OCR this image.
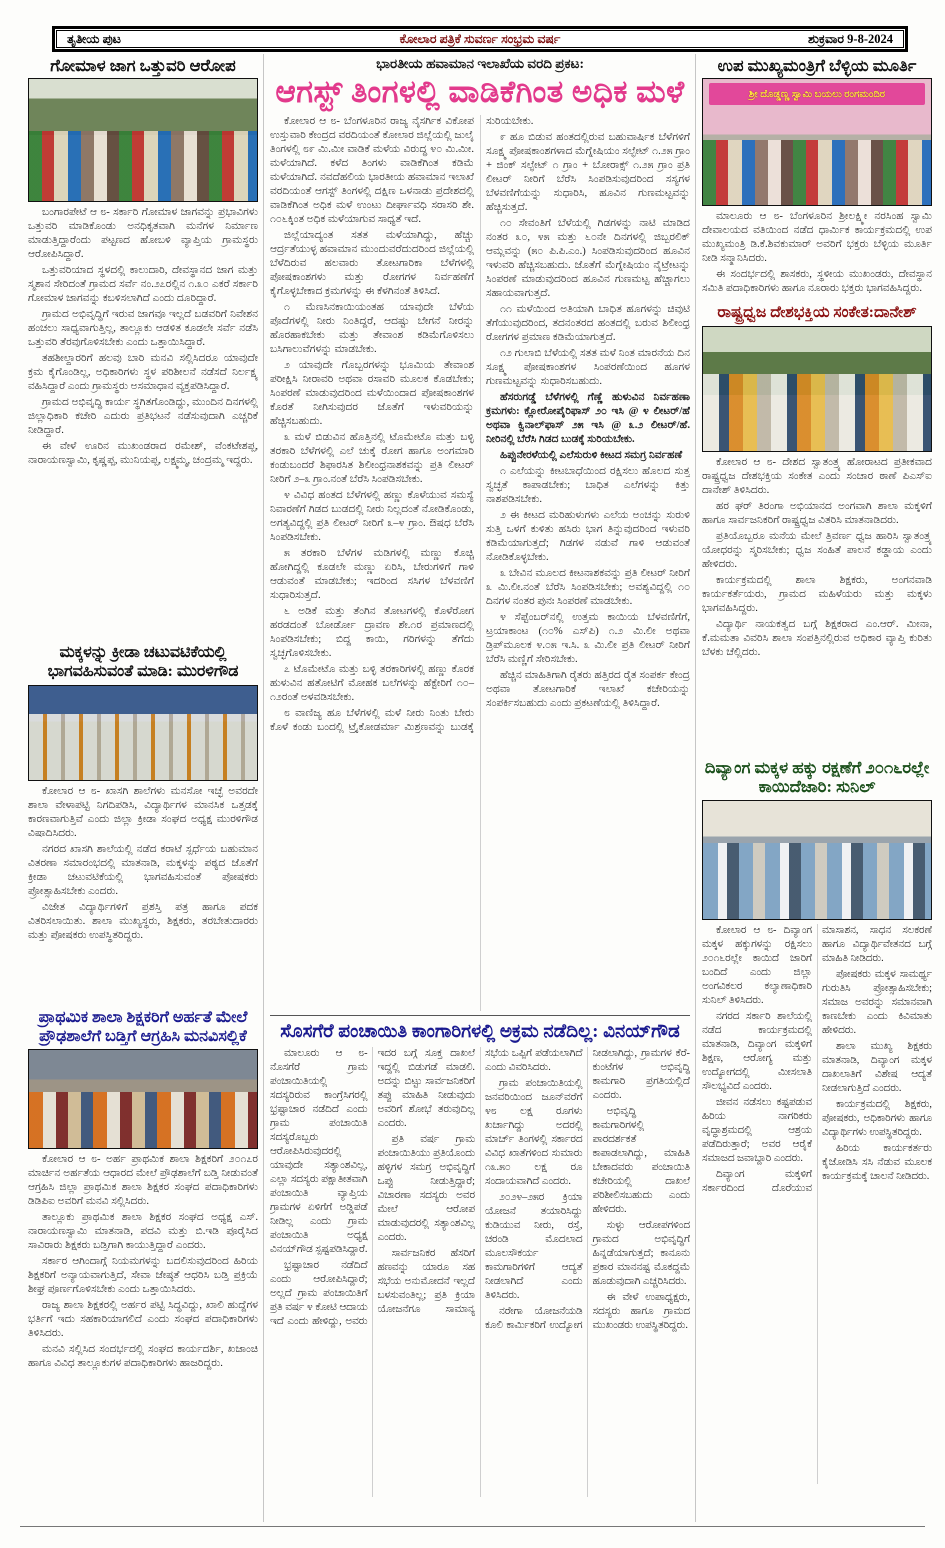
ತೃತೀಯ ಪುಟ	ಕೋಲಾರ ಪತ್ರಿಕೆ ಸುವರ್ಣ ಸಂಭ್ರಮ ವರ್ಷ	ಶುಕ್ರವಾರ 9-8-2024
ಗೋಮಾಳ ಜಾಗ ಒತ್ತುವರಿ ಆರೋಪ

ಬಂಗಾರಪೇಟೆ ಆ ೮- ಸರ್ಕಾರಿ ಗೋಮಾಳ ಜಾಗವನ್ನು ಪ್ರಭಾವಿಗಳು ಒತ್ತುವರಿ ಮಾಡಿಕೊಂಡು ಅನಧಿಕೃತವಾಗಿ ಮನೆಗಳ ನಿರ್ಮಾಣ ಮಾಡುತ್ತಿದ್ದಾರೆಂದು ಪಟ್ಟಣದ ಹೋಬಳಿ ವ್ಯಾಪ್ತಿಯ ಗ್ರಾಮಸ್ಥರು ಆರೋಪಿಸಿದ್ದಾರೆ.

ಒತ್ತುವರಿಯಾದ ಸ್ಥಳದಲ್ಲಿ ಕಾಲುದಾರಿ, ದೇವಸ್ಥಾನದ ಜಾಗ ಮತ್ತು ಸ್ಮಶಾನ ಸೇರಿದಂತೆ ಗ್ರಾಮದ ಸರ್ವೆ ನಂ.೨೭ರಲ್ಲಿನ ೧.೩೦ ಎಕರೆ ಸರ್ಕಾರಿ ಗೋಮಾಳ ಜಾಗವನ್ನು ಕಬಳಿಸಲಾಗಿದೆ ಎಂದು ದೂರಿದ್ದಾರೆ.

ಗ್ರಾಮದ ಅಭಿವೃದ್ಧಿಗೆ ಇರುವ ಜಾಗವೂ ಇಲ್ಲದೆ ಬಡವರಿಗೆ ನಿವೇಶನ ಹಂಚಲು ಸಾಧ್ಯವಾಗುತ್ತಿಲ್ಲ, ತಾಲ್ಲೂಕು ಆಡಳಿತ ಕೂಡಲೇ ಸರ್ವೆ ನಡೆಸಿ ಒತ್ತುವರಿ ತೆರವುಗೊಳಿಸಬೇಕು ಎಂದು ಒತ್ತಾಯಿಸಿದ್ದಾರೆ.

ತಹಶೀಲ್ದಾರರಿಗೆ ಹಲವು ಬಾರಿ ಮನವಿ ಸಲ್ಲಿಸಿದರೂ ಯಾವುದೇ ಕ್ರಮ ಕೈಗೊಂಡಿಲ್ಲ, ಅಧಿಕಾರಿಗಳು ಸ್ಥಳ ಪರಿಶೀಲನೆ ನಡೆಸದೆ ನಿರ್ಲಕ್ಷ್ಯ ವಹಿಸಿದ್ದಾರೆ ಎಂದು ಗ್ರಾಮಸ್ಥರು ಅಸಮಾಧಾನ ವ್ಯಕ್ತಪಡಿಸಿದ್ದಾರೆ.

ಗ್ರಾಮದ ಅಭಿವೃದ್ಧಿ ಕಾರ್ಯ ಸ್ಥಗಿತಗೊಂಡಿದ್ದು, ಮುಂದಿನ ದಿನಗಳಲ್ಲಿ ಜಿಲ್ಲಾಧಿಕಾರಿ ಕಚೇರಿ ಎದುರು ಪ್ರತಿಭಟನೆ ನಡೆಸುವುದಾಗಿ ಎಚ್ಚರಿಕೆ ನೀಡಿದ್ದಾರೆ.

ಈ ವೇಳೆ ಊರಿನ ಮುಖಂಡರಾದ ರಮೇಶ್, ವೆಂಕಟೇಶಪ್ಪ, ನಾರಾಯಣಸ್ವಾಮಿ, ಕೃಷ್ಣಪ್ಪ, ಮುನಿಯಪ್ಪ, ಲಕ್ಷ್ಮಮ್ಮ, ಚಂದ್ರಮ್ಮ ಇದ್ದರು.

ಮಕ್ಕಳನ್ನು ಕ್ರೀಡಾ ಚಟುವಟಿಕೆಯಲ್ಲಿ ಭಾಗವಹಿಸುವಂತೆ ಮಾಡಿ: ಮುರಳಿಗೌಡ

ಕೋಲಾರ ಆ ೮- ಖಾಸಗಿ ಶಾಲೆಗಳು ಮನಸೋ ಇಚ್ಛೆ ಅವರದೇ ಶಾಲಾ ವೇಳಾಪಟ್ಟಿ ನಿಗದಿಪಡಿಸಿ, ವಿದ್ಯಾರ್ಥಿಗಳ ಮಾನಸಿಕ ಒತ್ತಡಕ್ಕೆ ಕಾರಣವಾಗುತ್ತಿವೆ ಎಂದು ಜಿಲ್ಲಾ ಕ್ರೀಡಾ ಸಂಘದ ಅಧ್ಯಕ್ಷ ಮುರಳಿಗೌಡ ವಿಷಾದಿಸಿದರು.

ನಗರದ ಖಾಸಗಿ ಶಾಲೆಯಲ್ಲಿ ನಡೆದ ಕರಾಟೆ ಸ್ಪರ್ಧೆಯ ಬಹುಮಾನ ವಿತರಣಾ ಸಮಾರಂಭದಲ್ಲಿ ಮಾತನಾಡಿ, ಮಕ್ಕಳನ್ನು ಪಠ್ಯದ ಜೊತೆಗೆ ಕ್ರೀಡಾ ಚಟುವಟಿಕೆಯಲ್ಲಿ ಭಾಗವಹಿಸುವಂತೆ ಪೋಷಕರು ಪ್ರೋತ್ಸಾಹಿಸಬೇಕು ಎಂದರು.

ವಿಜೇತ ವಿದ್ಯಾರ್ಥಿಗಳಿಗೆ ಪ್ರಶಸ್ತಿ ಪತ್ರ ಹಾಗೂ ಪದಕ ವಿತರಿಸಲಾಯಿತು. ಶಾಲಾ ಮುಖ್ಯಸ್ಥರು, ಶಿಕ್ಷಕರು, ತರಬೇತುದಾರರು ಮತ್ತು ಪೋಷಕರು ಉಪಸ್ಥಿತರಿದ್ದರು.

ಪ್ರಾಥಮಿಕ ಶಾಲಾ ಶಿಕ್ಷಕರಿಗೆ ಅರ್ಹತೆ ಮೇಲೆ ಪ್ರೌಢಶಾಲೆಗೆ ಬಡ್ತಿಗೆ ಆಗ್ರಹಿಸಿ ಮನವಿಸಲ್ಲಿಕೆ

ಕೋಲಾರ ಆ ೮- ಅರ್ಹ ಪ್ರಾಥಮಿಕ ಶಾಲಾ ಶಿಕ್ಷಕರಿಗೆ ೨೦೧೭ರ ಮಾರ್ಚಿನ ಅರ್ಹತೆಯ ಆಧಾರದ ಮೇಲೆ ಪ್ರೌಢಶಾಲೆಗೆ ಬಡ್ತಿ ನೀಡುವಂತೆ ಆಗ್ರಹಿಸಿ ಜಿಲ್ಲಾ ಪ್ರಾಥಮಿಕ ಶಾಲಾ ಶಿಕ್ಷಕರ ಸಂಘದ ಪದಾಧಿಕಾರಿಗಳು ಡಿಡಿಪಿಐ ಅವರಿಗೆ ಮನವಿ ಸಲ್ಲಿಸಿದರು.

ತಾಲ್ಲೂಕು ಪ್ರಾಥಮಿಕ ಶಾಲಾ ಶಿಕ್ಷಕರ ಸಂಘದ ಅಧ್ಯಕ್ಷ ಎಸ್. ನಾರಾಯಣಸ್ವಾಮಿ ಮಾತನಾಡಿ, ಪದವಿ ಮತ್ತು ಬಿ.ಇಡಿ ಪೂರೈಸಿದ ಸಾವಿರಾರು ಶಿಕ್ಷಕರು ಬಡ್ತಿಗಾಗಿ ಕಾಯುತ್ತಿದ್ದಾರೆ ಎಂದರು.

ಸರ್ಕಾರ ಆಗಿಂದಾಗ್ಗೆ ನಿಯಮಗಳನ್ನು ಬದಲಿಸುವುದರಿಂದ ಹಿರಿಯ ಶಿಕ್ಷಕರಿಗೆ ಅನ್ಯಾಯವಾಗುತ್ತಿದೆ, ಸೇವಾ ಜೇಷ್ಠತೆ ಆಧರಿಸಿ ಬಡ್ತಿ ಪ್ರಕ್ರಿಯೆ ಶೀಘ್ರ ಪೂರ್ಣಗೊಳಿಸಬೇಕು ಎಂದು ಒತ್ತಾಯಿಸಿದರು.

ರಾಜ್ಯ ಶಾಲಾ ಶಿಕ್ಷಕರಲ್ಲಿ ಅರ್ಹರ ಪಟ್ಟಿ ಸಿದ್ಧವಿದ್ದು, ಖಾಲಿ ಹುದ್ದೆಗಳ ಭರ್ತಿಗೆ ಇದು ಸಹಕಾರಿಯಾಗಲಿದೆ ಎಂದು ಸಂಘದ ಪದಾಧಿಕಾರಿಗಳು ತಿಳಿಸಿದರು.

ಮನವಿ ಸಲ್ಲಿಸಿದ ಸಂದರ್ಭದಲ್ಲಿ ಸಂಘದ ಕಾರ್ಯದರ್ಶಿ, ಖಜಾಂಚಿ ಹಾಗೂ ವಿವಿಧ ತಾಲ್ಲೂಕುಗಳ ಪದಾಧಿಕಾರಿಗಳು ಹಾಜರಿದ್ದರು.

ಭಾರತೀಯ ಹವಾಮಾನ ಇಲಾಖೆಯ ವರದಿ ಪ್ರಕಟ:
ಆಗಸ್ಟ್ ತಿಂಗಳಲ್ಲಿ ವಾಡಿಕೆಗಿಂತ ಅಧಿಕ ಮಳೆ

ಕೋಲಾರ ಆ ೮- ಬೆಂಗಳೂರಿನ ರಾಜ್ಯ ನೈಸರ್ಗಿಕ ವಿಕೋಪ ಉಸ್ತುವಾರಿ ಕೇಂದ್ರದ ವರದಿಯಂತೆ ಕೋಲಾರ ಜಿಲ್ಲೆಯಲ್ಲಿ ಜುಲೈ ತಿಂಗಳಲ್ಲಿ ೮೯ ಮಿ.ಮೀ ವಾಡಿಕೆ ಮಳೆಯ ವಿರುದ್ಧ ೪೦ ಮಿ.ಮೀ. ಮಳೆಯಾಗಿದೆ. ಕಳೆದ ತಿಂಗಳು ವಾಡಿಕೆಗಿಂತ ಕಡಿಮೆ ಮಳೆಯಾಗಿದೆ. ನವದೆಹಲಿಯ ಭಾರತೀಯ ಹವಾಮಾನ ಇಲಾಖೆ ವರದಿಯಂತೆ ಆಗಸ್ಟ್ ತಿಂಗಳಲ್ಲಿ ದಕ್ಷಿಣ ಒಳನಾಡು ಪ್ರದೇಶದಲ್ಲಿ ವಾಡಿಕೆಗಿಂತ ಅಧಿಕ ಮಳೆ ಉಂಟು ದೀರ್ಘಾವಧಿ ಸರಾಸರಿ ಶೇ. ೧೦೬ಕ್ಕಿಂತ ಅಧಿಕ ಮಳೆಯಾಗುವ ಸಾಧ್ಯತೆ ಇದೆ.

ಜಿಲ್ಲೆಯಾದ್ಯಂತ ಸತತ ಮಳೆಯಾಗಿದ್ದು, ಹೆಚ್ಚು ಆರ್ದ್ರತೆಯುಳ್ಳ ಹವಾಮಾನ ಮುಂದುವರೆದುದರಿಂದ ಜಿಲ್ಲೆಯಲ್ಲಿ ಬೆಳೆದಿರುವ ಹಲವಾರು ತೋಟಗಾರಿಕಾ ಬೆಳೆಗಳಲ್ಲಿ ಪೋಷಕಾಂಶಗಳು ಮತ್ತು ರೋಗಗಳ ನಿರ್ವಹಣೆಗೆ ಕೈಗೊಳ್ಳಬೇಕಾದ ಕ್ರಮಗಳನ್ನು ಈ ಕೆಳಗಿನಂತೆ ತಿಳಿಸಿದೆ.

೧ ಮೆಣಸಿನಕಾಯಿಯಂತಹ ಯಾವುದೇ ಬೆಳೆಯ ಪೊದೆಗಳಲ್ಲಿ ನೀರು ನಿಂತಿದ್ದರೆ, ಆದಷ್ಟು ಬೇಗನೆ ನೀರನ್ನು ಹೊರಹಾಕಬೇಕು ಮತ್ತು ತೇವಾಂಶ ಕಡಿಮೆಗೊಳಿಸಲು ಬಸಿಗಾಲುವೆಗಳನ್ನು ಮಾಡಬೇಕು.

೨ ಯಾವುದೇ ಗೊಬ್ಬರಗಳನ್ನು ಭೂಮಿಯ ತೇವಾಂಶ ಪರೀಕ್ಷಿಸಿ ನೀರಾವರಿ ಅಥವಾ ರಸಾವರಿ ಮೂಲಕ ಕೊಡಬೇಕು; ಸಿಂಪರಣೆ ಮಾಡುವುದರಿಂದ ಮಳೆಯಿಂದಾದ ಪೋಷಕಾಂಶಗಳ ಕೊರತೆ ನೀಗಿಸುವುದರ ಜೊತೆಗೆ ಇಳುವರಿಯನ್ನು ಹೆಚ್ಚಿಸಬಹುದು.

೩ ಮಳೆ ಬಿಡುವಿನ ಹೊತ್ತಿನಲ್ಲಿ ಟೊಮೇಟೊ ಮತ್ತು ಬಳ್ಳಿ ತರಕಾರಿ ಬೆಳೆಗಳಲ್ಲಿ ಎಲೆ ಚುಕ್ಕೆ ರೋಗ ಹಾಗೂ ಅಂಗಮಾರಿ ಕಂಡುಬಂದರೆ ಶಿಫಾರಸಿತ ಶಿಲೀಂಧ್ರನಾಶಕವನ್ನು ಪ್ರತಿ ಲೀಟರ್ ನೀರಿಗೆ ೨–೩ ಗ್ರಾಂ.ನಂತೆ ಬೆರೆಸಿ ಸಿಂಪಡಿಸಬೇಕು.

೪ ವಿವಿಧ ಹಂತದ ಬೆಳೆಗಳಲ್ಲಿ ಹಣ್ಣು ಕೊಳೆಯುವ ಸಮಸ್ಯೆ ನಿವಾರಣೆಗೆ ಗಿಡದ ಬುಡದಲ್ಲಿ ನೀರು ನಿಲ್ಲದಂತೆ ನೋಡಿಕೊಂಡು, ಅಗತ್ಯವಿದ್ದಲ್ಲಿ ಪ್ರತಿ ಲೀಟರ್ ನೀರಿಗೆ ೩–೪ ಗ್ರಾಂ. ಔಷಧ ಬೆರೆಸಿ ಸಿಂಪಡಿಸಬೇಕು.

೫ ತರಕಾರಿ ಬೆಳೆಗಳ ಮಡಿಗಳಲ್ಲಿ ಮಣ್ಣು ಕೊಚ್ಚಿ ಹೋಗಿದ್ದಲ್ಲಿ ಕೂಡಲೇ ಮಣ್ಣು ಏರಿಸಿ, ಬೇರುಗಳಿಗೆ ಗಾಳಿ ಆಡುವಂತೆ ಮಾಡಬೇಕು; ಇದರಿಂದ ಸಸಿಗಳ ಬೆಳವಣಿಗೆ ಸುಧಾರಿಸುತ್ತದೆ.

೬ ಅಡಿಕೆ ಮತ್ತು ತೆಂಗಿನ ತೋಟಗಳಲ್ಲಿ ಕೊಳೆರೋಗ ಹರಡದಂತೆ ಬೋರ್ಡೋ ದ್ರಾವಣ ಶೇ.೧ರ ಪ್ರಮಾಣದಲ್ಲಿ ಸಿಂಪಡಿಸಬೇಕು; ಬಿದ್ದ ಕಾಯಿ, ಗರಿಗಳನ್ನು ತೆಗೆದು ಸ್ವಚ್ಛಗೊಳಿಸಬೇಕು.

೭ ಟೊಮೇಟೊ ಮತ್ತು ಬಳ್ಳಿ ತರಕಾರಿಗಳಲ್ಲಿ ಹಣ್ಣು ಕೊರಕ ಹುಳುವಿನ ಹತೋಟಿಗೆ ಮೋಹಕ ಬಲೆಗಳನ್ನು ಹೆಕ್ಟೇರಿಗೆ ೧೦–೧೨ರಂತೆ ಅಳವಡಿಸಬೇಕು.

೮ ವಾಣಿಜ್ಯ ಹೂ ಬೆಳೆಗಳಲ್ಲಿ ಮಳೆ ನೀರು ನಿಂತು ಬೇರು ಕೊಳೆ ಕಂಡು ಬಂದಲ್ಲಿ ಟ್ರೈಕೋಡರ್ಮಾ ಮಿಶ್ರಣವನ್ನು ಬುಡಕ್ಕೆ ಸುರಿಯಬೇಕು.

೯ ಹೂ ಬಿಡುವ ಹಂತದಲ್ಲಿರುವ ಬಹುವಾರ್ಷಿಕ ಬೆಳೆಗಳಿಗೆ ಸೂಕ್ಷ್ಮ ಪೋಷಕಾಂಶಗಳಾದ ಮೆಗ್ನೇಷಿಯಂ ಸಲ್ಫೇಟ್ ೧.೨೫ ಗ್ರಾಂ + ಜಿಂಕ್ ಸಲ್ಫೇಟ್ ೧ ಗ್ರಾಂ + ಬೋರಾಕ್ಸ್ ೧.೨೫ ಗ್ರಾಂ ಪ್ರತಿ ಲೀಟರ್ ನೀರಿಗೆ ಬೆರೆಸಿ ಸಿಂಪಡಿಸುವುದರಿಂದ ಸಸ್ಯಗಳ ಬೆಳವಣಿಗೆಯನ್ನು ಸುಧಾರಿಸಿ, ಹೂವಿನ ಗುಣಮಟ್ಟವನ್ನು ಹೆಚ್ಚಿಸುತ್ತದೆ.

೧೦ ಸೇವಂತಿಗೆ ಬೆಳೆಯಲ್ಲಿ ಗಿಡಗಳನ್ನು ನಾಟಿ ಮಾಡಿದ ನಂತರ ೩೦, ೪೫ ಮತ್ತು ೬೦ನೇ ದಿನಗಳಲ್ಲಿ ಜಿಬ್ಬರಲಿಕ್ ಆಮ್ಲವನ್ನು (೫೦ ಪಿ.ಪಿ.ಎಂ.) ಸಿಂಪಡಿಸುವುದರಿಂದ ಹೂವಿನ ಇಳುವರಿ ಹೆಚ್ಚಿಸಬಹುದು. ಜೊತೆಗೆ ಮೆಗ್ನೇಷಿಯಂ ನೈಟ್ರೇಟನ್ನು ಸಿಂಪರಣೆ ಮಾಡುವುದರಿಂದ ಹೂವಿನ ಗುಣಮಟ್ಟ ಹೆಚ್ಚಾಗಲು ಸಹಾಯವಾಗುತ್ತದೆ.

೧೧ ಮಳೆಯಿಂದ ಅತಿಯಾಗಿ ಬಾಧಿತ ಹೂಗಳನ್ನು ಚಿವುಟಿ ತೆಗೆಯುವುದರಿಂದ, ತದನಂತರದ ಹಂತದಲ್ಲಿ ಬರುವ ಶಿಲೀಂಧ್ರ ರೋಗಗಳ ಪ್ರಮಾಣ ಕಡಿಮೆಯಾಗುತ್ತದೆ.

೧೨ ಗುಲಾಬಿ ಬೆಳೆಯಲ್ಲಿ ಸತತ ಮಳೆ ನಿಂತ ಮಾರನೆಯ ದಿನ ಸೂಕ್ಷ್ಮ ಪೋಷಕಾಂಶಗಳ ಸಿಂಪರಣೆಯಿಂದ ಹೂಗಳ ಗುಣಮಟ್ಟವನ್ನು ಸುಧಾರಿಸಬಹುದು.

ಹೆಸರುಗಡ್ಡೆ ಬೆಳೆಗಳಲ್ಲಿ ಗೆಣ್ಣೆ ಹುಳುವಿನ ನಿರ್ವಹಣಾ ಕ್ರಮಗಳು: ಕ್ಲೋರೋಪೈರಿಫಾಸ್ ೨೦ ಇಸಿ @ ೪ ಲೀಟರ್/ಹೆ ಅಥವಾ ಕ್ವಿನಾಲ್‌ಫಾಸ್ ೨೫ ಇಸಿ @ ೩.೨ ಲೀಟರ್/ಹೆ. ನೀರಿನಲ್ಲಿ ಬೆರೆಸಿ ಗಿಡದ ಬುಡಕ್ಕೆ ಸುರಿಯಬೇಕು.

ಹಿಪ್ಪುನೇರಳೆಯಲ್ಲಿ ಎಲೆಸುರುಳಿ ಕೀಟದ ಸಮಗ್ರ ನಿರ್ವಹಣೆ

೧ ಎಲೆಯನ್ನು ಕೀಟಬಾಧೆಯಿಂದ ರಕ್ಷಿಸಲು ಹೊಲದ ಸುತ್ತ ಸ್ವಚ್ಛತೆ ಕಾಪಾಡಬೇಕು; ಬಾಧಿತ ಎಲೆಗಳನ್ನು ಕಿತ್ತು ನಾಶಪಡಿಸಬೇಕು.

೨ ಈ ಕೀಟದ ಮರಿಹುಳುಗಳು ಎಲೆಯ ಅಂಚನ್ನು ಸುರುಳಿ ಸುತ್ತಿ ಒಳಗೆ ಕುಳಿತು ಹಸಿರು ಭಾಗ ತಿನ್ನುವುದರಿಂದ ಇಳುವರಿ ಕಡಿಮೆಯಾಗುತ್ತದೆ; ಗಿಡಗಳ ನಡುವೆ ಗಾಳಿ ಆಡುವಂತೆ ನೋಡಿಕೊಳ್ಳಬೇಕು.

೩ ಬೇವಿನ ಮೂಲದ ಕೀಟನಾಶಕವನ್ನು ಪ್ರತಿ ಲೀಟರ್ ನೀರಿಗೆ ೩ ಮಿ.ಲೀ.ನಂತೆ ಬೆರೆಸಿ ಸಿಂಪಡಿಸಬೇಕು; ಅವಶ್ಯವಿದ್ದಲ್ಲಿ ೧೦ ದಿನಗಳ ನಂತರ ಪುನಃ ಸಿಂಪರಣೆ ಮಾಡಬೇಕು.

೪ ಸೆಪ್ಟೆಂಬರ್‌ನಲ್ಲಿ ಉತ್ತಮ ಕಾಯಿಯ ಬೆಳವಣಿಗೆಗೆ, ಟ್ರಯಾಕಾಂಟ (೧೦% ಎಸ್‌ಪಿ) ೧.೨ ಮಿ.ಲೀ ಅಥವಾ ಡ್ರಿಪ್‌ಮೂಲಕ ೪.೦೫ ಇ.ಸಿ. ೩ ಮಿ.ಲೀ ಪ್ರತಿ ಲೀಟರ್ ನೀರಿಗೆ ಬೆರೆಸಿ ಮಣ್ಣಿಗೆ ಸೇರಿಸಬೇಕು.

ಹೆಚ್ಚಿನ ಮಾಹಿತಿಗಾಗಿ ರೈತರು ಹತ್ತಿರದ ರೈತ ಸಂಪರ್ಕ ಕೇಂದ್ರ ಅಥವಾ ತೋಟಗಾರಿಕೆ ಇಲಾಖೆ ಕಚೇರಿಯನ್ನು ಸಂಪರ್ಕಿಸಬಹುದು ಎಂದು ಪ್ರಕಟಣೆಯಲ್ಲಿ ತಿಳಿಸಿದ್ದಾರೆ.

ಸೊಸಗೆರೆ ಪಂಚಾಯಿತಿ ಕಾಂಗಾರಿಗಳಲ್ಲಿ ಅಕ್ರಮ ನಡೆದಿಲ್ಲ: ವಿನಯ್‌ಗೌಡ

ಮಾಲೂರು ಆ ೮- ನೊಸಗೆರೆ ಗ್ರಾಮ ಪಂಚಾಯಿತಿಯಲ್ಲಿ ಸದಸ್ಯರಿರುವ ಕಾಂಗ್ರೆಸಿಗರಲ್ಲಿ ಭ್ರಷ್ಟಾಚಾರ ನಡೆದಿದೆ ಎಂದು ಗ್ರಾಮ ಪಂಚಾಯಿತಿ ಸದಸ್ಯರೊಬ್ಬರು ಆರೋಪಿಸಿರುವುದರಲ್ಲಿ ಯಾವುದೇ ಸತ್ಯಾಂಶವಿಲ್ಲ, ಎಲ್ಲಾ ಸದಸ್ಯರು ಪಕ್ಷಾತೀತವಾಗಿ ಪಂಚಾಯಿತಿ ವ್ಯಾಪ್ತಿಯ ಗ್ರಾಮಗಳ ಏಳಿಗೆಗೆ ಅಡ್ಡಿಪಡೆ ನೀಡಿಲ್ಲ ಎಂದು ಗ್ರಾಮ ಪಂಚಾಯಿತಿ ಅಧ್ಯಕ್ಷ ವಿನಯ್‌ಗೌಡ ಸ್ಪಷ್ಟಪಡಿಸಿದ್ದಾರೆ.

ಭ್ರಷ್ಟಾಚಾರ ನಡೆದಿದೆ ಎಂದು ಆರೋಪಿಸಿದ್ದಾರೆ; ಅಲ್ಲದೆ ಗ್ರಾಮ ಪಂಚಾಯಿತಿಗೆ ಪ್ರತಿ ವರ್ಷ ೪ ಕೋಟಿ ಆದಾಯ ಇದೆ ಎಂದು ಹೇಳಿದ್ದು, ಅವರು ಇದರ ಬಗ್ಗೆ ಸೂಕ್ತ ದಾಖಲೆ ಇದ್ದಲ್ಲಿ ಬಿಡುಗಡೆ ಮಾಡಲಿ. ಅದನ್ನು ಬಿಟ್ಟು ಸಾರ್ವಜನಿಕರಿಗೆ ತಪ್ಪು ಮಾಹಿತಿ ನೀಡುವುದು ಅವರಿಗೆ ಶೋಭೆ ತರುವುದಿಲ್ಲ ಎಂದರು.

ಪ್ರತಿ ವರ್ಷ ಗ್ರಾಮ ಪಂಚಾಯಿತಿಯು ಪ್ರತಿಯೊಂದು ಹಳ್ಳಿಗಳ ಸಮಗ್ರ ಅಭಿವೃದ್ಧಿಗೆ ಒಪ್ಪು ನೀಡುತ್ತಿದ್ದಾರೆ; ವಿಚಾರಣಾ ಸದಸ್ಯರು ಅವರ ಮೇಲೆ ಆರೋಪ ಮಾಡುವುದರಲ್ಲಿ ಸತ್ಯಾಂಶವಿಲ್ಲ ಎಂದರು.

ಸಾರ್ವಜನಿಕರ ಹೆಸರಿಗೆ ಹಣವನ್ನು ಯಾರೂ ಸಹ ಸಭೆಯ ಅನುಮೋದನೆ ಇಲ್ಲದೆ ಬಳಸುವಂತಿಲ್ಲ; ಪ್ರತಿ ಕ್ರಿಯಾ ಯೋಜನೆಗೂ ಸಾಮಾನ್ಯ ಸಭೆಯ ಒಪ್ಪಿಗೆ ಪಡೆಯಲಾಗಿದೆ ಎಂದು ವಿವರಿಸಿದರು.

ಗ್ರಾಮ ಪಂಚಾಯಿತಿಯಲ್ಲಿ ಜನವರಿಯಿಂದ ಜೂನ್‌ವರೆಗೆ ೪೮ ಲಕ್ಷ ರೂಗಳು ಖರ್ಚಾಗಿದ್ದು ಅದರಲ್ಲಿ ಮಾರ್ಚ್ ತಿಂಗಳಲ್ಲಿ ಸರ್ಕಾರದ ವಿವಿಧ ಖಾತೆಗಳಿಂದ ಸುಮಾರು ೧೩.೫೦ ಲಕ್ಷ ರೂ ಸಂದಾಯವಾಗಿದೆ ಎಂದರು.

೨೦೨೪–೨೫ರ ಕ್ರಿಯಾ ಯೋಜನೆ ತಯಾರಿಸಿದ್ದು ಕುಡಿಯುವ ನೀರು, ರಸ್ತೆ, ಚರಂಡಿ ಮೊದಲಾದ ಮೂಲಸೌಕರ್ಯ ಕಾಮಗಾರಿಗಳಿಗೆ ಆದ್ಯತೆ ನೀಡಲಾಗಿದೆ ಎಂದು ತಿಳಿಸಿದರು.

ನರೇಗಾ ಯೋಜನೆಯಡಿ ಕೂಲಿ ಕಾರ್ಮಿಕರಿಗೆ ಉದ್ಯೋಗ ನೀಡಲಾಗಿದ್ದು, ಗ್ರಾಮಗಳ ಕೆರೆ-ಕುಂಟೆಗಳ ಅಭಿವೃದ್ಧಿ ಕಾಮಗಾರಿ ಪ್ರಗತಿಯಲ್ಲಿದೆ ಎಂದರು.

ಅಭಿವೃದ್ಧಿ ಕಾಮಗಾರಿಗಳಲ್ಲಿ ಪಾರದರ್ಶಕತೆ ಕಾಪಾಡಲಾಗಿದ್ದು, ಮಾಹಿತಿ ಬೇಕಾದವರು ಪಂಚಾಯಿತಿ ಕಚೇರಿಯಲ್ಲಿ ದಾಖಲೆ ಪರಿಶೀಲಿಸಬಹುದು ಎಂದು ಹೇಳಿದರು.

ಸುಳ್ಳು ಆರೋಪಗಳಿಂದ ಗ್ರಾಮದ ಅಭಿವೃದ್ಧಿಗೆ ಹಿನ್ನಡೆಯಾಗುತ್ತದೆ; ಕಾನೂನು ಪ್ರಕಾರ ಮಾನನಷ್ಟ ಮೊಕದ್ದಮೆ ಹೂಡುವುದಾಗಿ ಎಚ್ಚರಿಸಿದರು.

ಈ ವೇಳೆ ಉಪಾಧ್ಯಕ್ಷರು, ಸದಸ್ಯರು ಹಾಗೂ ಗ್ರಾಮದ ಮುಖಂಡರು ಉಪಸ್ಥಿತರಿದ್ದರು.

ಉಪ ಮುಖ್ಯಮಂತ್ರಿಗೆ ಬೆಳ್ಳಿಯ ಮೂರ್ತಿ
ಶ್ರೀ ದೊಡ್ಡಣ್ಣ ಸ್ವಾಮಿ ಬಯಲು ರಂಗಮಂದಿರ

ಮಾಲೂರು ಆ ೮- ಬೆಂಗಳೂರಿನ ಶ್ರೀಲಕ್ಷ್ಮೀ ನರಸಿಂಹ ಸ್ವಾಮಿ ದೇವಾಲಯದ ವತಿಯಿಂದ ನಡೆದ ಧಾರ್ಮಿಕ ಕಾರ್ಯಕ್ರಮದಲ್ಲಿ ಉಪ ಮುಖ್ಯಮಂತ್ರಿ ಡಿ.ಕೆ.ಶಿವಕುಮಾರ್ ಅವರಿಗೆ ಭಕ್ತರು ಬೆಳ್ಳಿಯ ಮೂರ್ತಿ ನೀಡಿ ಸನ್ಮಾನಿಸಿದರು.

ಈ ಸಂದರ್ಭದಲ್ಲಿ ಶಾಸಕರು, ಸ್ಥಳೀಯ ಮುಖಂಡರು, ದೇವಸ್ಥಾನ ಸಮಿತಿ ಪದಾಧಿಕಾರಿಗಳು ಹಾಗೂ ನೂರಾರು ಭಕ್ತರು ಭಾಗವಹಿಸಿದ್ದರು.

ರಾಷ್ಟ್ರಧ್ವಜ ದೇಶಭಕ್ತಿಯ ಸಂಕೇತ:ದಾನೇಶ್

ಕೋಲಾರ ಆ ೮- ದೇಶದ ಸ್ವಾತಂತ್ರ್ಯ ಹೋರಾಟದ ಪ್ರತೀಕವಾದ ರಾಷ್ಟ್ರಧ್ವಜ ದೇಶಭಕ್ತಿಯ ಸಂಕೇತ ಎಂದು ಸಂಚಾರ ಠಾಣೆ ಪಿಎಸ್‌ಐ ದಾನೇಶ್ ತಿಳಿಸಿದರು.

ಹರ ಘರ್ ತಿರಂಗಾ ಅಭಿಯಾನದ ಅಂಗವಾಗಿ ಶಾಲಾ ಮಕ್ಕಳಿಗೆ ಹಾಗೂ ಸಾರ್ವಜನಿಕರಿಗೆ ರಾಷ್ಟ್ರಧ್ವಜ ವಿತರಿಸಿ ಮಾತನಾಡಿದರು.

ಪ್ರತಿಯೊಬ್ಬರೂ ಮನೆಯ ಮೇಲೆ ತ್ರಿವರ್ಣ ಧ್ವಜ ಹಾರಿಸಿ ಸ್ವಾತಂತ್ರ್ಯ ಯೋಧರನ್ನು ಸ್ಮರಿಸಬೇಕು; ಧ್ವಜ ಸಂಹಿತೆ ಪಾಲನೆ ಕಡ್ಡಾಯ ಎಂದು ಹೇಳಿದರು.

ಕಾರ್ಯಕ್ರಮದಲ್ಲಿ ಶಾಲಾ ಶಿಕ್ಷಕರು, ಅಂಗನವಾಡಿ ಕಾರ್ಯಕರ್ತೆಯರು, ಗ್ರಾಮದ ಮಹಿಳೆಯರು ಮತ್ತು ಮಕ್ಕಳು ಭಾಗವಹಿಸಿದ್ದರು.

ವಿದ್ಯಾರ್ಥಿ ನಾಯಕತ್ವದ ಬಗ್ಗೆ ಶಿಕ್ಷಕರಾದ ಎಂ.ಆರ್. ಮೀನಾ, ಕೆ.ಮಮತಾ ವಿವರಿಸಿ ಶಾಲಾ ಸಂಪತ್ತಿನಲ್ಲಿರುವ ಅಧಿಕಾರ ವ್ಯಾಪ್ತಿ ಕುರಿತು ಬೆಳಕು ಚೆಲ್ಲಿದರು.

ದಿವ್ಯಾಂಗ ಮಕ್ಕಳ ಹಕ್ಕು ರಕ್ಷಣೆಗೆ ೨೦೧೬ರಲ್ಲೇ ಕಾಯಿದೆಜಾರಿ: ಸುನಿಲ್

ಕೋಲಾರ ಆ ೮- ದಿವ್ಯಾಂಗ ಮಕ್ಕಳ ಹಕ್ಕುಗಳನ್ನು ರಕ್ಷಿಸಲು ೨೦೧೬ರಲ್ಲೇ ಕಾಯಿದೆ ಜಾರಿಗೆ ಬಂದಿದೆ ಎಂದು ಜಿಲ್ಲಾ ಅಂಗವಿಕಲರ ಕಲ್ಯಾಣಾಧಿಕಾರಿ ಸುನಿಲ್ ತಿಳಿಸಿದರು.

ನಗರದ ಸರ್ಕಾರಿ ಶಾಲೆಯಲ್ಲಿ ನಡೆದ ಕಾರ್ಯಕ್ರಮದಲ್ಲಿ ಮಾತನಾಡಿ, ದಿವ್ಯಾಂಗ ಮಕ್ಕಳಿಗೆ ಶಿಕ್ಷಣ, ಆರೋಗ್ಯ ಮತ್ತು ಉದ್ಯೋಗದಲ್ಲಿ ಮೀಸಲಾತಿ ಸೌಲಭ್ಯವಿದೆ ಎಂದರು.

ಜೀವನ ನಡೆಸಲು ಕಷ್ಟಪಡುವ ಹಿರಿಯ ನಾಗರಿಕರು ವೃದ್ಧಾಶ್ರಮದಲ್ಲಿ ಆಶ್ರಯ ಪಡೆದಿರುತ್ತಾರೆ; ಅವರ ಆರೈಕೆ ಸಮಾಜದ ಜವಾಬ್ದಾರಿ ಎಂದರು.

ದಿವ್ಯಾಂಗ ಮಕ್ಕಳಿಗೆ ಸರ್ಕಾರದಿಂದ ದೊರೆಯುವ ಮಾಸಾಶನ, ಸಾಧನ ಸಲಕರಣೆ ಹಾಗೂ ವಿದ್ಯಾರ್ಥಿವೇತನದ ಬಗ್ಗೆ ಮಾಹಿತಿ ನೀಡಿದರು.

ಪೋಷಕರು ಮಕ್ಕಳ ಸಾಮರ್ಥ್ಯ ಗುರುತಿಸಿ ಪ್ರೋತ್ಸಾಹಿಸಬೇಕು; ಸಮಾಜ ಅವರನ್ನು ಸಮಾನವಾಗಿ ಕಾಣಬೇಕು ಎಂದು ಕಿವಿಮಾತು ಹೇಳಿದರು.

ಶಾಲಾ ಮುಖ್ಯ ಶಿಕ್ಷಕರು ಮಾತನಾಡಿ, ದಿವ್ಯಾಂಗ ಮಕ್ಕಳ ದಾಖಲಾತಿಗೆ ವಿಶೇಷ ಆದ್ಯತೆ ನೀಡಲಾಗುತ್ತಿದೆ ಎಂದರು.

ಕಾರ್ಯಕ್ರಮದಲ್ಲಿ ಶಿಕ್ಷಕರು, ಪೋಷಕರು, ಅಧಿಕಾರಿಗಳು ಹಾಗೂ ವಿದ್ಯಾರ್ಥಿಗಳು ಉಪಸ್ಥಿತರಿದ್ದರು.

ಹಿರಿಯ ಕಾರ್ಯಕರ್ತರು ಕೈಜೋಡಿಸಿ ಸಸಿ ನೆಡುವ ಮೂಲಕ ಕಾರ್ಯಕ್ರಮಕ್ಕೆ ಚಾಲನೆ ನೀಡಿದರು.
